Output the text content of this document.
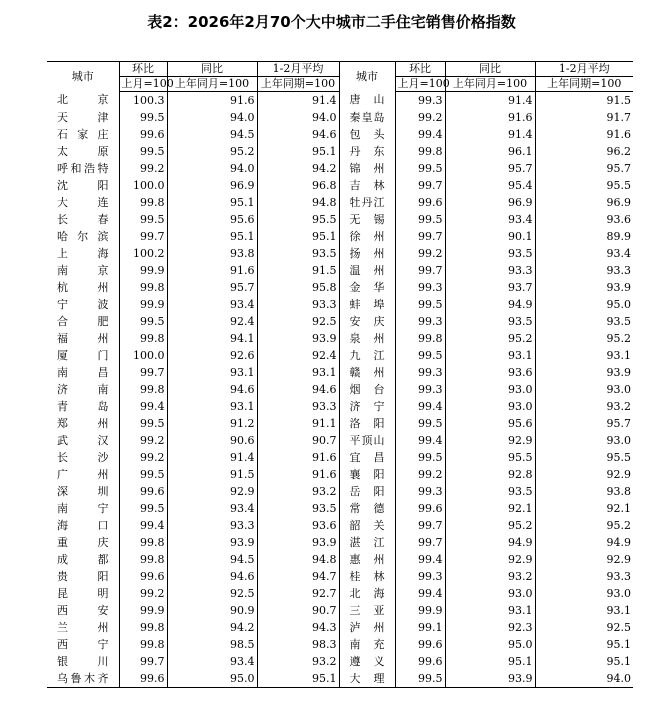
表2：2026年2月70个大中城市二手住宅销售价格指数
城市	环比	同比	1-2月平均	城市	环比	同比	1-2月平均
	上月=100	上年同月=100	上年同期=100		上月=100	上年同月=100	上年同期=100

北京	100.3	91.6	91.4	唐山	99.3	91.4	91.5

天津	99.5	94.0	94.0	秦皇岛	99.2	91.6	91.7

石家庄	99.6	94.5	94.6	包头	99.4	91.4	91.6

太原	99.5	95.2	95.1	丹东	99.8	96.1	96.2

呼和浩特	99.2	94.0	94.2	锦州	99.5	95.7	95.7

沈阳	100.0	96.9	96.8	吉林	99.7	95.4	95.5

大连	99.8	95.1	94.8	牡丹江	99.6	96.9	96.9

长春	99.5	95.6	95.5	无锡	99.5	93.4	93.6

哈尔滨	99.7	95.1	95.1	徐州	99.7	90.1	89.9

上海	100.2	93.8	93.5	扬州	99.2	93.5	93.4

南京	99.9	91.6	91.5	温州	99.7	93.3	93.3

杭州	99.8	95.7	95.8	金华	99.3	93.7	93.9

宁波	99.9	93.4	93.3	蚌埠	99.5	94.9	95.0

合肥	99.5	92.4	92.5	安庆	99.3	93.5	93.5

福州	99.8	94.1	93.9	泉州	99.8	95.2	95.2

厦门	100.0	92.6	92.4	九江	99.5	93.1	93.1

南昌	99.7	93.1	93.1	赣州	99.3	93.6	93.9

济南	99.8	94.6	94.6	烟台	99.3	93.0	93.0

青岛	99.4	93.1	93.3	济宁	99.4	93.0	93.2

郑州	99.5	91.2	91.1	洛阳	99.5	95.6	95.7

武汉	99.2	90.6	90.7	平顶山	99.4	92.9	93.0

长沙	99.2	91.4	91.6	宜昌	99.5	95.5	95.5

广州	99.5	91.5	91.6	襄阳	99.2	92.8	92.9

深圳	99.6	92.9	93.2	岳阳	99.3	93.5	93.8

南宁	99.5	93.4	93.5	常德	99.6	92.1	92.1

海口	99.4	93.3	93.6	韶关	99.7	95.2	95.2

重庆	99.8	93.9	93.9	湛江	99.7	94.9	94.9

成都	99.8	94.5	94.8	惠州	99.4	92.9	92.9

贵阳	99.6	94.6	94.7	桂林	99.3	93.2	93.3

昆明	99.2	92.5	92.7	北海	99.4	93.0	93.0

西安	99.9	90.9	90.7	三亚	99.9	93.1	93.1

兰州	99.8	94.2	94.3	泸州	99.1	92.3	92.5

西宁	99.8	98.5	98.3	南充	99.6	95.0	95.1

银川	99.7	93.4	93.2	遵义	99.6	95.1	95.1

乌鲁木齐	99.6	95.0	95.1	大理	99.5	93.9	94.0
